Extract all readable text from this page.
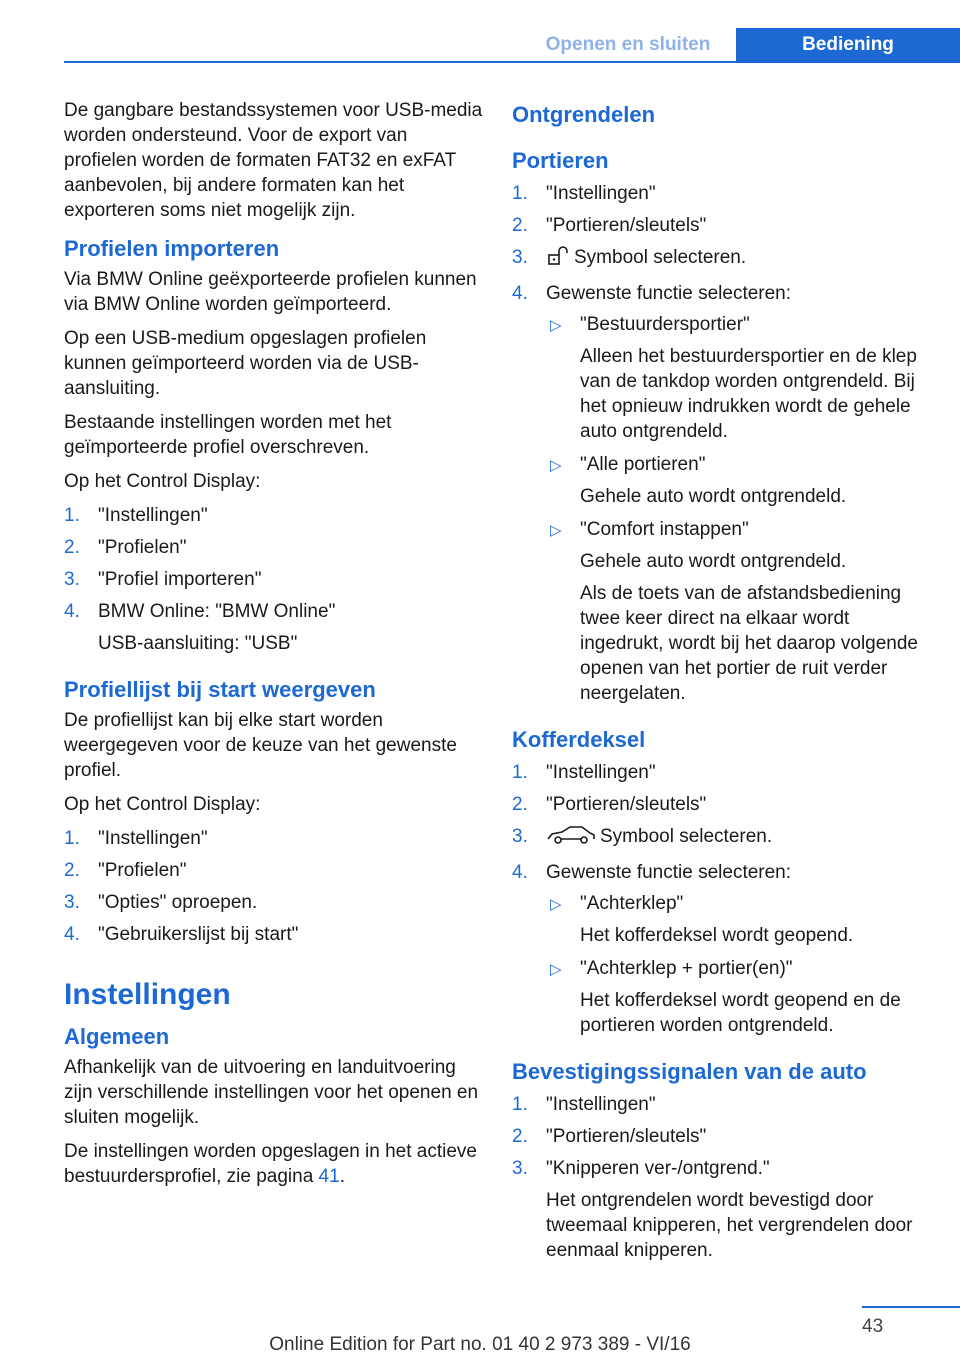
Openen en sluiten	Bediening

De gangbare bestandssystemen voor USB-media worden ondersteund. Voor de export van profielen worden de formaten FAT32 en exFAT aanbevolen, bij andere formaten kan het exporteren soms niet mogelijk zijn.

Profielen importeren

Via BMW Online geëxporteerde profielen kunnen via BMW Online worden geïmporteerd.

Op een USB-medium opgeslagen profielen kunnen geïmporteerd worden via de USB-aansluiting.

Bestaande instellingen worden met het geïmporteerde profiel overschreven.

Op het Control Display:

1. "Instellingen"
2. "Profielen"
3. "Profiel importeren"
4. BMW Online: "BMW Online"
USB-aansluiting: "USB"
Profiellijst bij start weergeven

De profiellijst kan bij elke start worden weergegeven voor de keuze van het gewenste profiel.

Op het Control Display:

1. "Instellingen"
2. "Profielen"
3. "Opties" oproepen.
4. "Gebruikerslijst bij start"
Instellingen
Algemeen

Afhankelijk van de uitvoering en landuitvoering zijn verschillende instellingen voor het openen en sluiten mogelijk.

De instellingen worden opgeslagen in het actieve bestuurdersprofiel, zie pagina 41.

Ontgrendelen
Portieren
1. "Instellingen"
2. "Portieren/sleutels"
3. Symbool selecteren.
4. Gewenste functie selecteren:
▷ "Bestuurdersportier"
Alleen het bestuurdersportier en de klep van de tankdop worden ontgrendeld. Bij het opnieuw indrukken wordt de gehele auto ontgrendeld.
▷ "Alle portieren"
Gehele auto wordt ontgrendeld.
▷ "Comfort instappen"
Gehele auto wordt ontgrendeld.
Als de toets van de afstandsbediening twee keer direct na elkaar wordt ingedrukt, wordt bij het daarop volgende openen van het portier de ruit verder neergelaten.
Kofferdeksel
1. "Instellingen"
2. "Portieren/sleutels"
3.	Symbool selecteren.
4. Gewenste functie selecteren:
▷ "Achterklep"
Het kofferdeksel wordt geopend.
▷ "Achterklep + portier(en)"
Het kofferdeksel wordt geopend en de portieren worden ontgrendeld.
Bevestigingssignalen van de auto
1. "Instellingen"
2. "Portieren/sleutels"
3. "Knipperen ver-/ontgrend."
Het ontgrendelen wordt bevestigd door tweemaal knipperen, het vergrendelen door eenmaal knipperen.
43
Online Edition for Part no. 01 40 2 973 389 - VI/16
